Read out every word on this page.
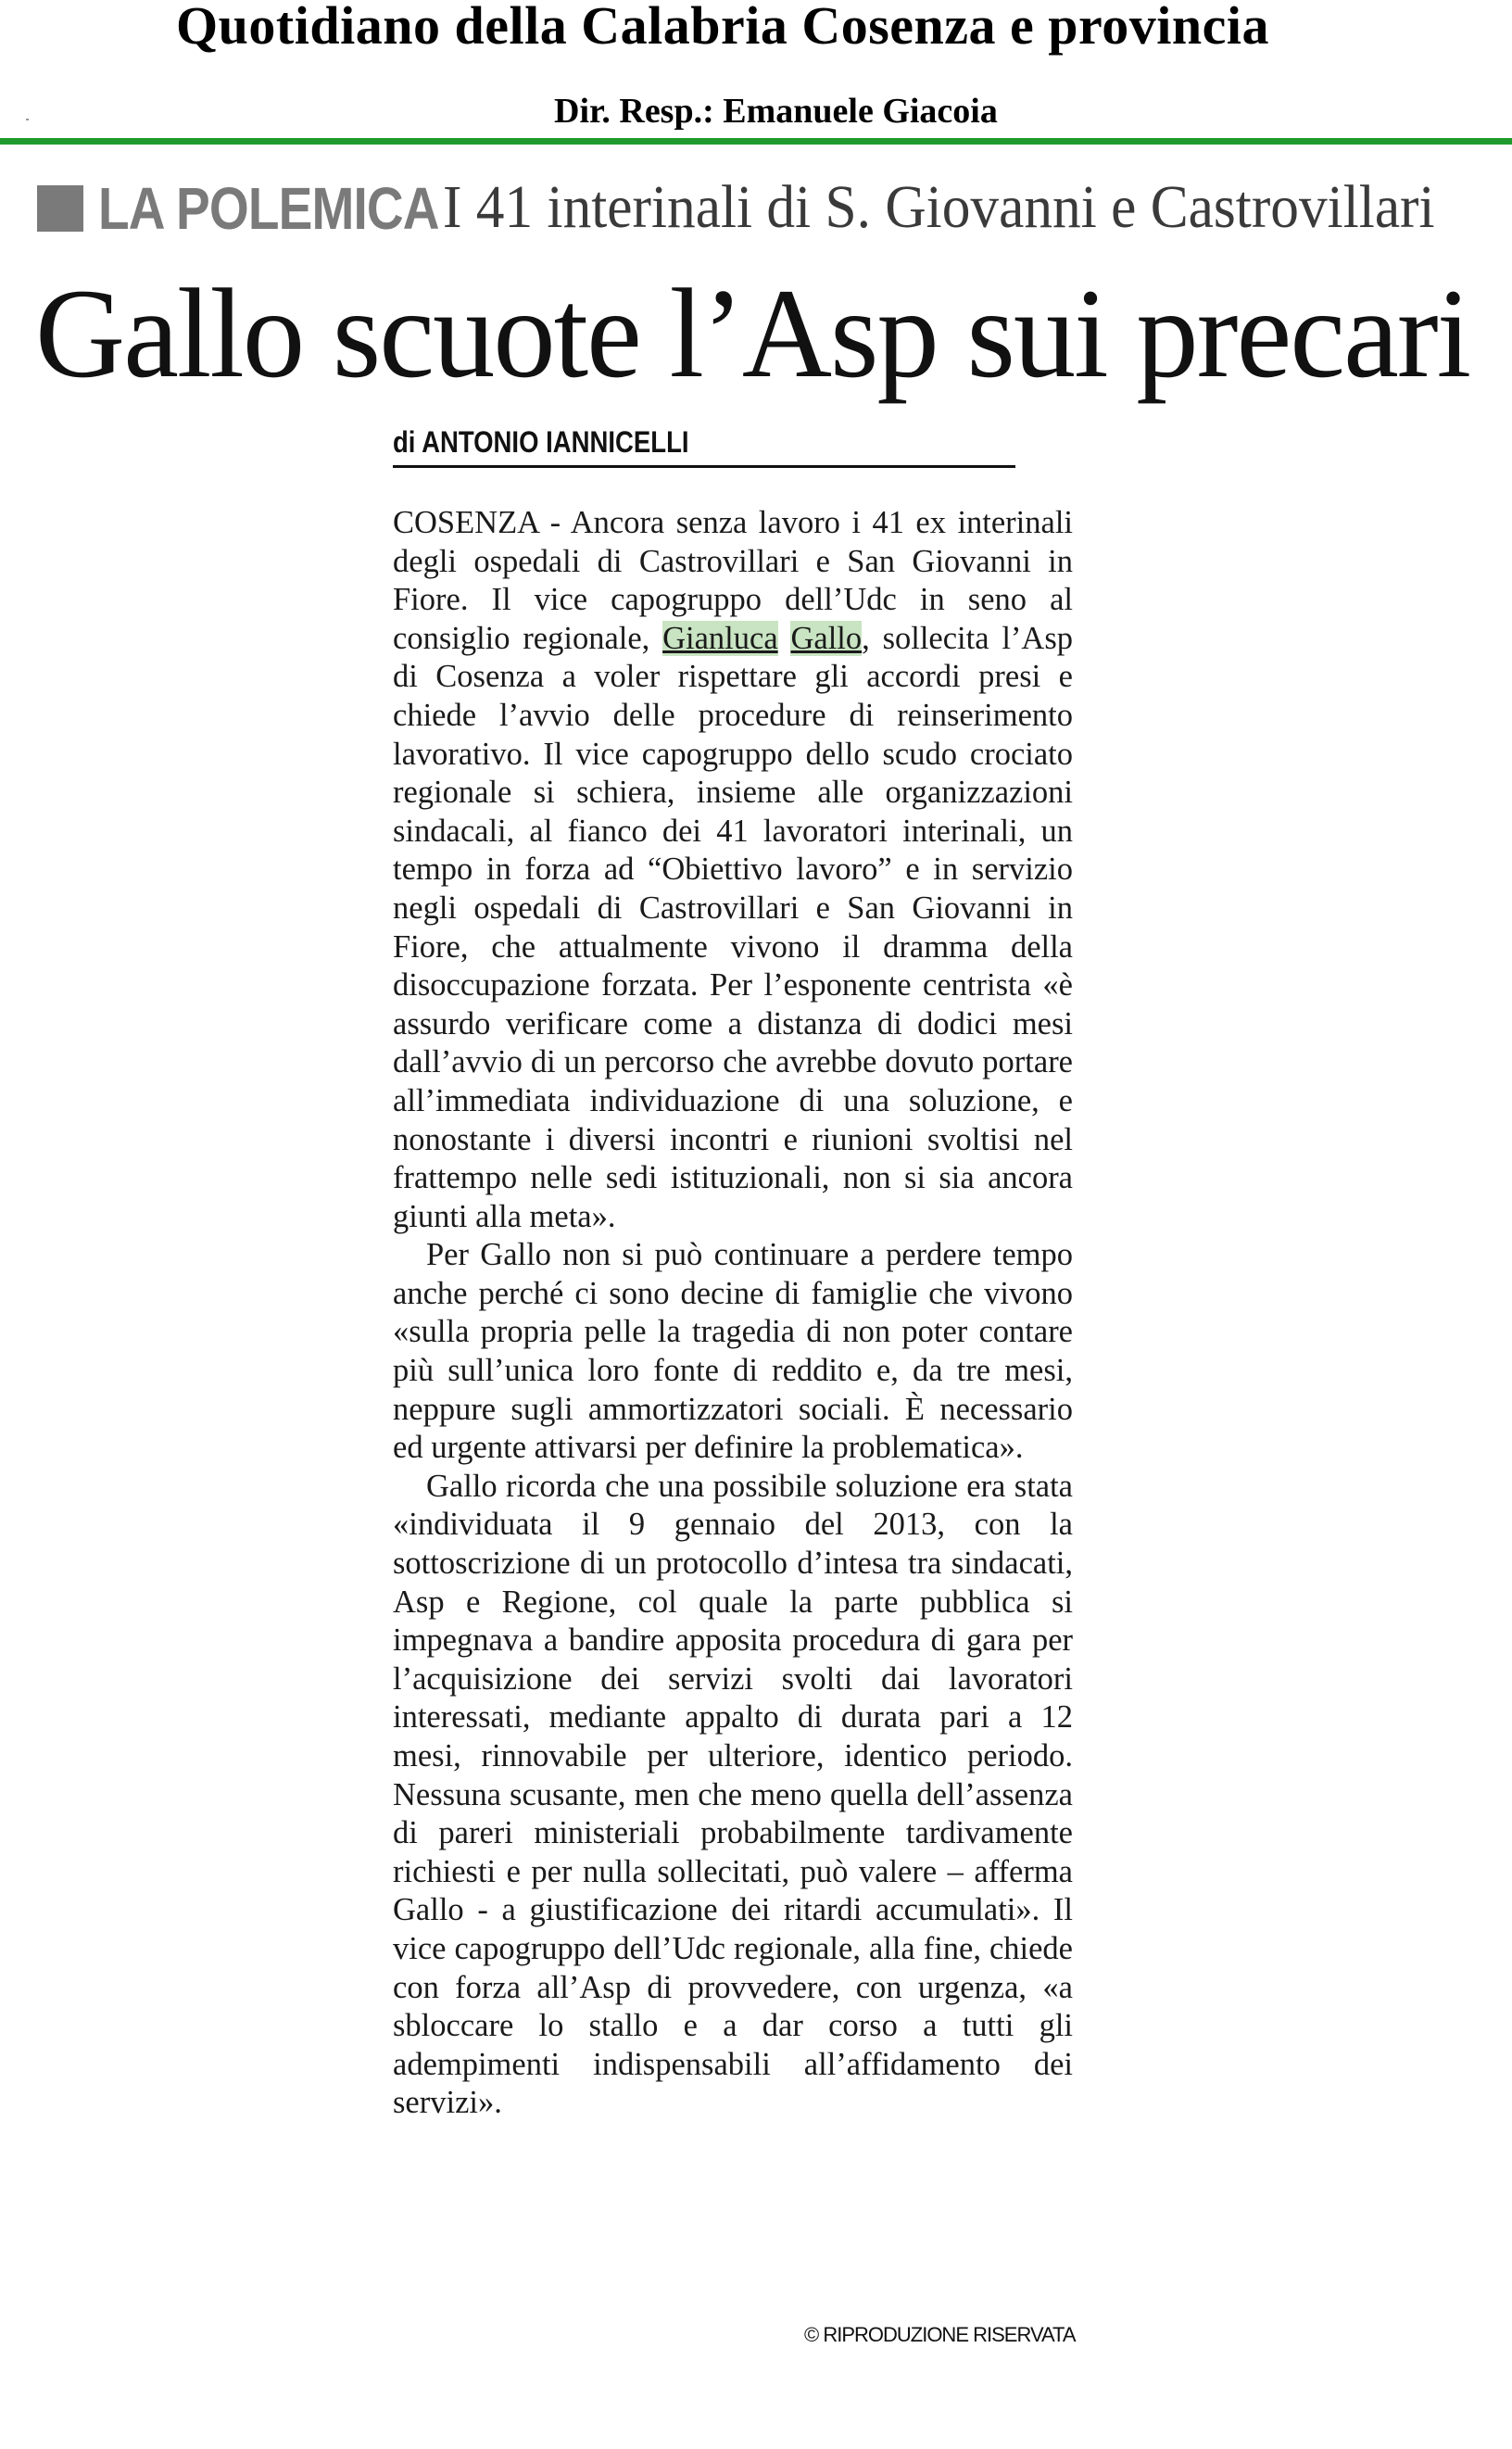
Quotidiano della Calabria Cosenza e provincia
Dir. Resp.: Emanuele Giacoia
LA POLEMICA I 41 interinali di S. Giovanni e Castrovillari
Gallo scuote l’Asp sui precari
di ANTONIO IANNICELLI

COSENZA - Ancora senza lavoro i 41 ex interinali degli ospedali di Castrovillari e San Giovanni in Fiore. Il vice capogruppo dell’Udc in seno al consiglio regionale, Gianluca Gallo, sollecita l’Asp di Cosenza a voler rispettare gli accordi presi e chiede l’avvio delle procedure di reinserimento lavorativo. Il vice capogruppo dello scudo crociato regionale si schiera, insieme alle organizzazioni sindacali, al fianco dei 41 lavoratori interinali, un tempo in forza ad “Obiettivo lavoro” e in servizio negli ospedali di Castrovillari e San Giovanni in Fiore, che attualmente vivono il dramma della disoccupazione forzata. Per l’esponente centrista «è assurdo verificare come a distanza di dodici mesi dall’avvio di un percorso che avrebbe dovuto portare all’immediata individuazione di una soluzione, e nonostante i diversi incontri e riunioni svoltisi nel frattempo nelle sedi istituzionali, non si sia ancora giunti alla meta».

Per Gallo non si può continuare a perdere tempo anche perché ci sono decine di famiglie che vivono «sulla propria pelle la tragedia di non poter contare più sull’unica loro fonte di reddito e, da tre mesi, neppure sugli ammortizzatori sociali. È necessario ed urgente attivarsi per definire la problematica».

Gallo ricorda che una possibile soluzione era stata «individuata il 9 gennaio del 2013, con la sottoscrizione di un protocollo d’intesa tra sindacati, Asp e Regione, col quale la parte pubblica si impegnava a bandire apposita procedura di gara per l’acquisizione dei servizi svolti dai lavoratori interessati, mediante appalto di durata pari a 12 mesi, rinnovabile per ulteriore, identico periodo. Nessuna scusante, men che meno quella dell’assenza di pareri ministeriali probabilmente tardivamente richiesti e per nulla sollecitati, può valere – afferma Gallo - a giustificazione dei ritardi accumulati». Il vice capogruppo dell’Udc regionale, alla fine, chiede con forza all’Asp di provvedere, con urgenza, «a sbloccare lo stallo e a dar corso a tutti gli adempimenti indispensabili all’affidamento dei servizi».

© RIPRODUZIONE RISERVATA
